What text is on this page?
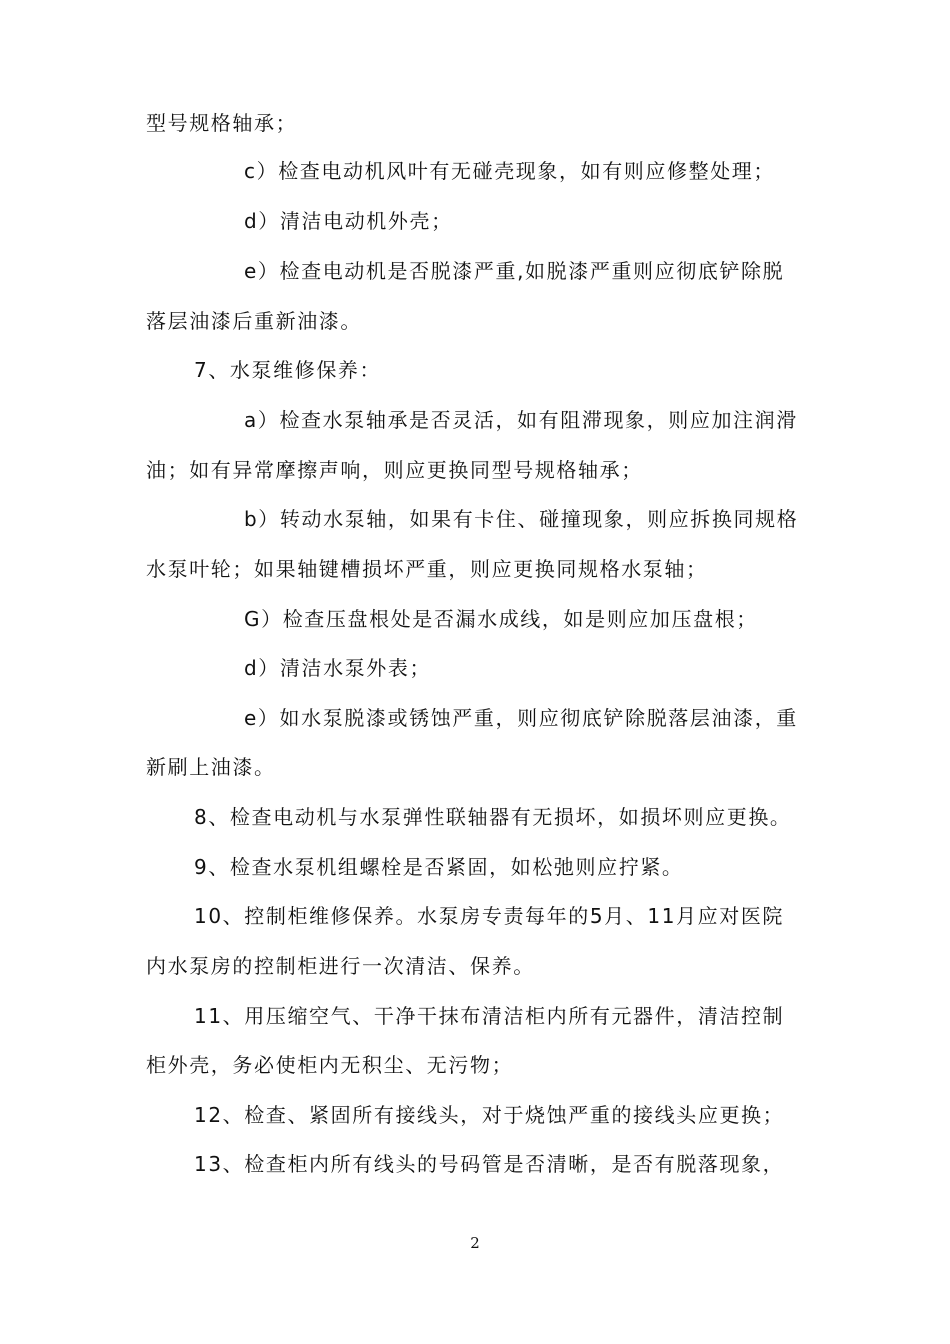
型号规格轴承；
c）检查电动机风叶有无碰壳现象，如有则应修整处理；
d）清洁电动机外壳；
e）检查电动机是否脱漆严重,如脱漆严重则应彻底铲除脱
落层油漆后重新油漆。
7、水泵维修保养：
a）检查水泵轴承是否灵活，如有阻滞现象，则应加注润滑
油；如有异常摩擦声响，则应更换同型号规格轴承；
b）转动水泵轴，如果有卡住、碰撞现象，则应拆换同规格
水泵叶轮；如果轴键槽损坏严重，则应更换同规格水泵轴；
G）检查压盘根处是否漏水成线，如是则应加压盘根；
d）清洁水泵外表；
e）如水泵脱漆或锈蚀严重，则应彻底铲除脱落层油漆，重
新刷上油漆。
8、检查电动机与水泵弹性联轴器有无损坏，如损坏则应更换。
9、检查水泵机组螺栓是否紧固，如松弛则应拧紧。
10、控制柜维修保养。水泵房专责每年的5月、11月应对医院
内水泵房的控制柜进行一次清洁、保养。
11、用压缩空气、干净干抹布清洁柜内所有元器件，清洁控制
柜外壳，务必使柜内无积尘、无污物；
12、检查、紧固所有接线头，对于烧蚀严重的接线头应更换；
13、检查柜内所有线头的号码管是否清晰，是否有脱落现象，
2
